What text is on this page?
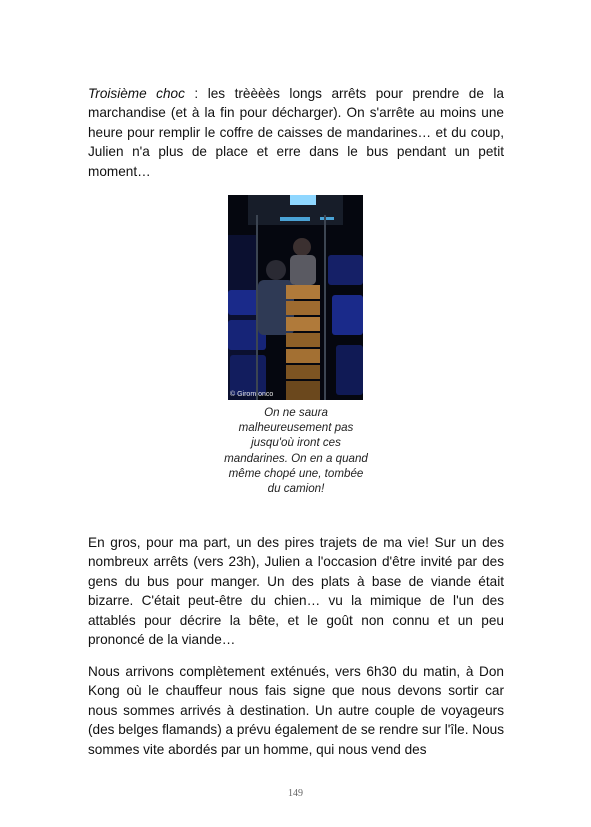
Troisième choc : les trèèèès longs arrêts pour prendre de la marchandise (et à la fin pour décharger). On s'arrête au moins une heure pour remplir le coffre de caisses de mandarines… et du coup, Julien n'a plus de place et erre dans le bus pendant un petit moment…

© Girom onco
On ne saura malheureusement pas jusqu'où iront ces mandarines. On en a quand même chopé une, tombée du camion!

En gros, pour ma part, un des pires trajets de ma vie! Sur un des nombreux arrêts (vers 23h), Julien a l'occasion d'être invité par des gens du bus pour manger. Un des plats à base de viande était bizarre. C'était peut-être du chien… vu la mimique de l'un des attablés pour décrire la bête, et le goût non connu et un peu prononcé de la viande…

Nous arrivons complètement exténués, vers 6h30 du matin, à Don Kong où le chauffeur nous fais signe que nous devons sortir car nous sommes arrivés à destination. Un autre couple de voyageurs (des belges flamands) a prévu également de se rendre sur l'île. Nous sommes vite abordés par un homme, qui nous vend des

149
